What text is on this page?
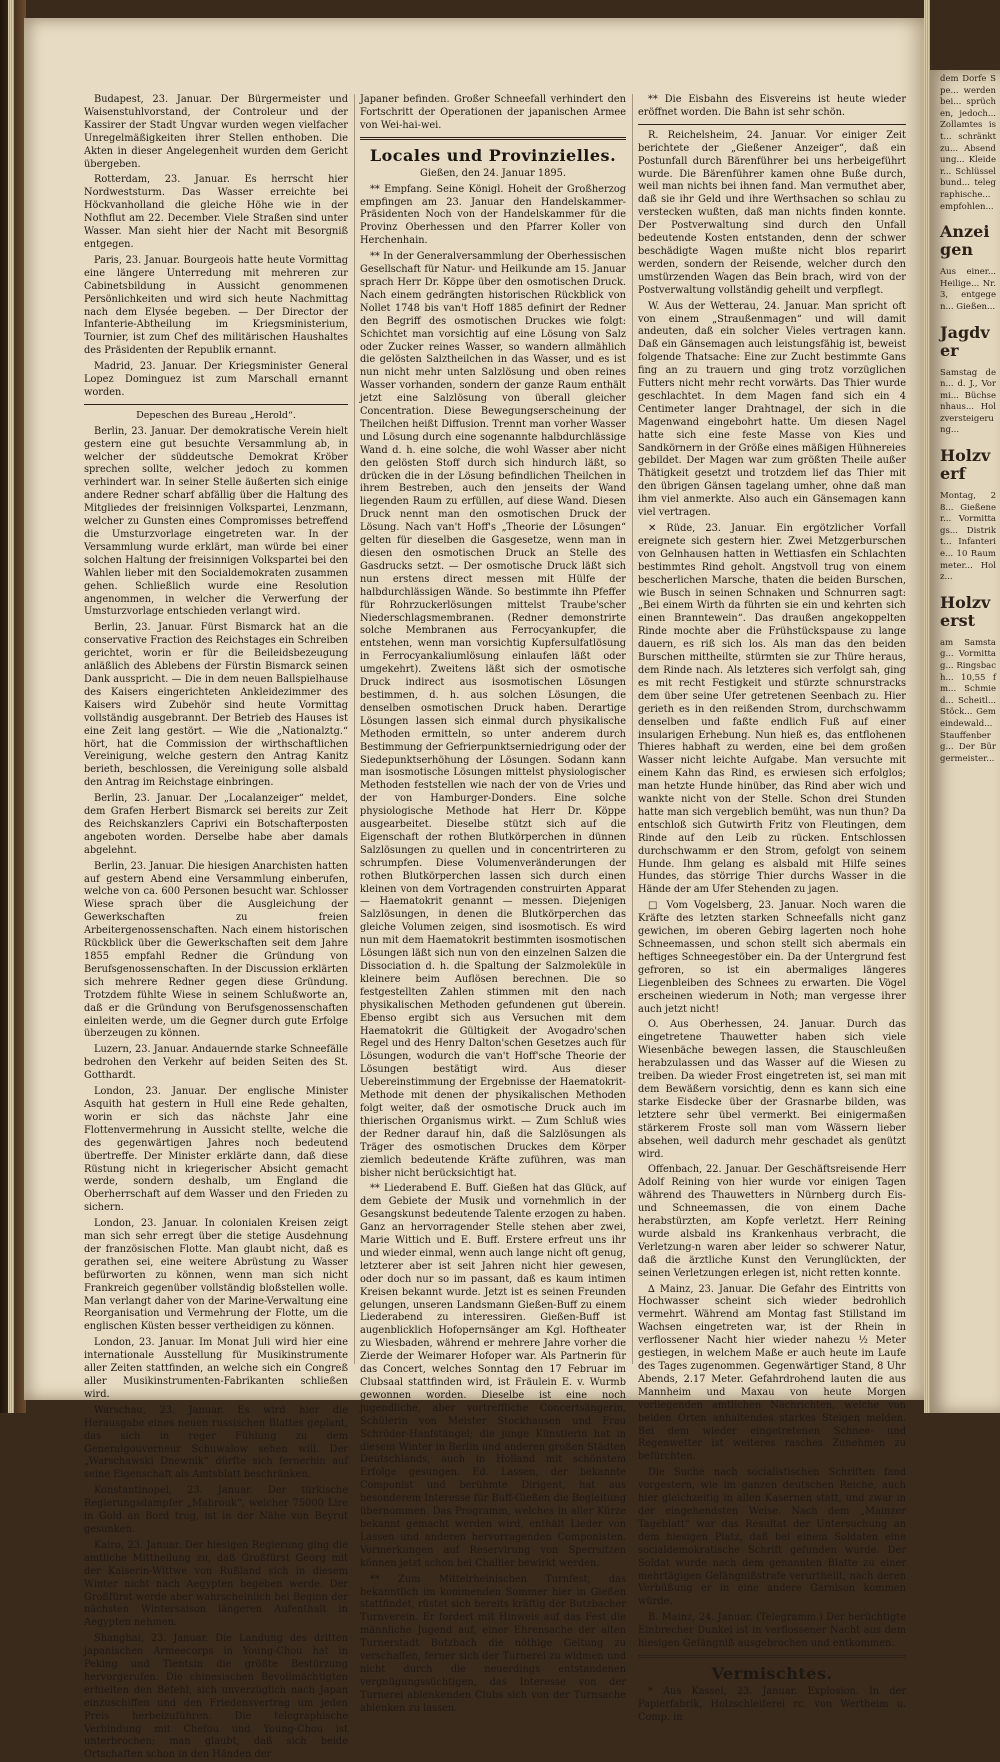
Budapest, 23. Januar. Der Bürgermeister und Waisenstuhlvorstand, der Controleur und der Kassirer der Stadt Ungvar wurden wegen vielfacher Unregelmäßigkeiten ihrer Stellen enthoben. Die Akten in dieser Angelegenheit wurden dem Gericht übergeben.

Rotterdam, 23. Januar. Es herrscht hier Nordweststurm. Das Wasser erreichte bei Höckvanholland die gleiche Höhe wie in der Nothflut am 22. December. Viele Straßen sind unter Wasser. Man sieht hier der Nacht mit Besorgniß entgegen.

Paris, 23. Januar. Bourgeois hatte heute Vormittag eine längere Unterredung mit mehreren zur Cabinetsbildung in Aussicht genommenen Persönlichkeiten und wird sich heute Nachmittag nach dem Elysée begeben. — Der Director der Infanterie-Abtheilung im Kriegsministerium, Tournier, ist zum Chef des militärischen Haushaltes des Präsidenten der Republik ernannt.

Madrid, 23. Januar. Der Kriegsminister General Lopez Dominguez ist zum Marschall ernannt worden.

Depeschen des Bureau „Herold“.

Berlin, 23. Januar. Der demokratische Verein hielt gestern eine gut besuchte Versammlung ab, in welcher der süddeutsche Demokrat Kröber sprechen sollte, welcher jedoch zu kommen verhindert war. In seiner Stelle äußerten sich einige andere Redner scharf abfällig über die Haltung des Mitgliedes der freisinnigen Volkspartei, Lenzmann, welcher zu Gunsten eines Compromisses betreffend die Umsturzvorlage eingetreten war. In der Versammlung wurde erklärt, man würde bei einer solchen Haltung der freisinnigen Volkspartei bei den Wahlen lieber mit den Socialdemokraten zusammen gehen. Schließlich wurde eine Resolution angenommen, in welcher die Verwerfung der Umsturzvorlage entschieden verlangt wird.

Berlin, 23. Januar. Fürst Bismarck hat an die conservative Fraction des Reichstages ein Schreiben gerichtet, worin er für die Beileidsbezeugung anläßlich des Ablebens der Fürstin Bismarck seinen Dank ausspricht. — Die in dem neuen Ballspielhause des Kaisers eingerichteten Ankleidezimmer des Kaisers wird Zubehör sind heute Vormittag vollständig ausgebrannt. Der Betrieb des Hauses ist eine Zeit lang gestört. — Wie die „Nationalztg.“ hört, hat die Commission der wirthschaftlichen Vereinigung, welche gestern den Antrag Kanitz berieth, beschlossen, die Vereinigung solle alsbald den Antrag im Reichstage einbringen.

Berlin, 23. Januar. Der „Localanzeiger“ meldet, dem Grafen Herbert Bismarck sei bereits zur Zeit des Reichskanzlers Caprivi ein Botschafterposten angeboten worden. Derselbe habe aber damals abgelehnt.

Berlin, 23. Januar. Die hiesigen Anarchisten hatten auf gestern Abend eine Versammlung einberufen, welche von ca. 600 Personen besucht war. Schlosser Wiese sprach über die Ausgleichung der Gewerkschaften zu freien Arbeitergenossenschaften. Nach einem historischen Rückblick über die Gewerkschaften seit dem Jahre 1855 empfahl Redner die Gründung von Berufsgenossenschaften. In der Discussion erklärten sich mehrere Redner gegen diese Gründung. Trotzdem fühlte Wiese in seinem Schlußworte an, daß er die Gründung von Berufsgenossenschaften einleiten werde, um die Gegner durch gute Erfolge überzeugen zu können.

Luzern, 23. Januar. Andauernde starke Schneefälle bedrohen den Verkehr auf beiden Seiten des St. Gotthardt.

London, 23. Januar. Der englische Minister Asquith hat gestern in Hull eine Rede gehalten, worin er sich das nächste Jahr eine Flottenvermehrung in Aussicht stellte, welche die des gegenwärtigen Jahres noch bedeutend übertreffe. Der Minister erklärte dann, daß diese Rüstung nicht in kriegerischer Absicht gemacht werde, sondern deshalb, um England die Oberherrschaft auf dem Wasser und den Frieden zu sichern.

London, 23. Januar. In colonialen Kreisen zeigt man sich sehr erregt über die stetige Ausdehnung der französischen Flotte. Man glaubt nicht, daß es gerathen sei, eine weitere Abrüstung zu Wasser befürworten zu können, wenn man sich nicht Frankreich gegenüber vollständig bloßstellen wolle. Man verlangt daher von der Marine-Verwaltung eine Reorganisation und Vermehrung der Flotte, um die englischen Küsten besser vertheidigen zu können.

London, 23. Januar. Im Monat Juli wird hier eine internationale Ausstellung für Musikinstrumente aller Zeiten stattfinden, an welche sich ein Congreß aller Musikinstrumenten-Fabrikanten schließen wird.

Warschau, 23. Januar. Es wird hier die Herausgabe eines neuen russischen Blattes geplant, das sich in reger Fühlung zu dem Generalgouverneur Schuwalow sehen will. Der „Warschawski Dnewnik“ dürfte sich fernerhin auf seine Eigenschaft als Amtsblatt beschränken.

Konstantinopel, 23. Januar. Der türkische Regierungsdampfer „Mabrouk“, welcher 75000 Lire in Gold an Bord trug, ist in der Nähe von Beyrut gesunken.

Kairo, 23. Januar. Der hiesigen Regierung ging die amtliche Mittheilung zu, daß Großfürst Georg mit der Kaiserin-Wittwe von Rußland sich in diesem Winter nicht nach Aegypten begeben werde. Der Großfürst werde aber wahrscheinlich bei Beginn der nächsten Wintersaison längeren Aufenthalt in Aegypten nehmen.

Shanghai, 23. Januar. Die Landung des dritten japanischen Armeecorps in Young-Chou hat in Peking und Tientsin die größte Bestürzung hervorgerufen. Die chinesischen Bevollmächtigten erhielten den Befehl, sich unverzüglich nach Japan einzuschiffen und den Friedensvertrag um jeden Preis herbeizuführen. Die telegraphische Verbindung mit Chefou und Young-Chou ist unterbrochen; man glaubt, daß sich beide Ortschaften schon in den Händen der

Japaner befinden. Großer Schneefall verhindert den Fortschritt der Operationen der japanischen Armee von Wei-hai-wei.

Locales und Provinzielles.

Gießen, den 24. Januar 1895.

** Empfang. Seine Königl. Hoheit der Großherzog empfingen am 23. Januar den Handelskammer-Präsidenten Noch von der Handelskammer für die Provinz Oberhessen und den Pfarrer Koller von Herchenhain.

** In der Generalversammlung der Oberhessischen Gesellschaft für Natur- und Heilkunde am 15. Januar sprach Herr Dr. Köppe über den osmotischen Druck. Nach einem gedrängten historischen Rückblick von Nollet 1748 bis van't Hoff 1885 definirt der Redner den Begriff des osmotischen Druckes wie folgt: Schichtet man vorsichtig auf eine Lösung von Salz oder Zucker reines Wasser, so wandern allmählich die gelösten Salztheilchen in das Wasser, und es ist nun nicht mehr unten Salzlösung und oben reines Wasser vorhanden, sondern der ganze Raum enthält jetzt eine Salzlösung von überall gleicher Concentration. Diese Bewegungserscheinung der Theilchen heißt Diffusion. Trennt man vorher Wasser und Lösung durch eine sogenannte halbdurchlässige Wand d. h. eine solche, die wohl Wasser aber nicht den gelösten Stoff durch sich hindurch läßt, so drücken die in der Lösung befindlichen Theilchen in ihrem Bestreben, auch den jenseits der Wand liegenden Raum zu erfüllen, auf diese Wand. Diesen Druck nennt man den osmotischen Druck der Lösung. Nach van't Hoff's „Theorie der Lösungen“ gelten für dieselben die Gasgesetze, wenn man in diesen den osmotischen Druck an Stelle des Gasdrucks setzt. — Der osmotische Druck läßt sich nun erstens direct messen mit Hülfe der halbdurchlässigen Wände. So bestimmte ihn Pfeffer für Rohrzuckerlösungen mittelst Traube'scher Niederschlagsmembranen. (Redner demonstrirte solche Membranen aus Ferrocyankupfer, die entstehen, wenn man vorsichtig Kupfersulfatlösung in Ferrocyankaliumlösung einlaufen läßt oder umgekehrt). Zweitens läßt sich der osmotische Druck indirect aus isosmotischen Lösungen bestimmen, d. h. aus solchen Lösungen, die denselben osmotischen Druck haben. Derartige Lösungen lassen sich einmal durch physikalische Methoden ermitteln, so unter anderem durch Bestimmung der Gefrierpunktserniedrigung oder der Siedepunktserhöhung der Lösungen. Sodann kann man isosmotische Lösungen mittelst physiologischer Methoden feststellen wie nach der von de Vries und der von Hamburger-Donders. Eine solche physiologische Methode hat Herr Dr. Köppe ausgearbeitet. Dieselbe stützt sich auf die Eigenschaft der rothen Blutkörperchen in dünnen Salzlösungen zu quellen und in concentrirteren zu schrumpfen. Diese Volumenveränderungen der rothen Blutkörperchen lassen sich durch einen kleinen von dem Vortragenden construirten Apparat — Haematokrit genannt — messen. Diejenigen Salzlösungen, in denen die Blutkörperchen das gleiche Volumen zeigen, sind isosmotisch. Es wird nun mit dem Haematokrit bestimmten isosmotischen Lösungen läßt sich nun von den einzelnen Salzen die Dissociation d. h. die Spaltung der Salzmoleküle in kleinere beim Auflösen berechnen. Die so festgestellten Zahlen stimmen mit den nach physikalischen Methoden gefundenen gut überein. Ebenso ergibt sich aus Versuchen mit dem Haematokrit die Gültigkeit der Avogadro'schen Regel und des Henry Dalton'schen Gesetzes auch für Lösungen, wodurch die van't Hoff'sche Theorie der Lösungen bestätigt wird. Aus dieser Uebereinstimmung der Ergebnisse der Haematokrit-Methode mit denen der physikalischen Methoden folgt weiter, daß der osmotische Druck auch im thierischen Organismus wirkt. — Zum Schluß wies der Redner darauf hin, daß die Salzlösungen als Träger des osmotischen Druckes dem Körper ziemlich bedeutende Kräfte zuführen, was man bisher nicht berücksichtigt hat.

** Liederabend E. Buff. Gießen hat das Glück, auf dem Gebiete der Musik und vornehmlich in der Gesangskunst bedeutende Talente erzogen zu haben. Ganz an hervorragender Stelle stehen aber zwei, Marie Wittich und E. Buff. Erstere erfreut uns ihr und wieder einmal, wenn auch lange nicht oft genug, letzterer aber ist seit Jahren nicht hier gewesen, oder doch nur so im passant, daß es kaum intimen Kreisen bekannt wurde. Jetzt ist es seinen Freunden gelungen, unseren Landsmann Gießen-Buff zu einem Liederabend zu interessiren. Gießen-Buff ist augenblicklich Hofopernsänger am Kgl. Hoftheater zu Wiesbaden, während er mehrere Jahre vorher die Zierde der Weimarer Hofoper war. Als Partnerin für das Concert, welches Sonntag den 17 Februar im Clubsaal stattfinden wird, ist Fräulein E. v. Wurmb gewonnen worden. Dieselbe ist eine noch jugendliche, aber vortreffliche Concertsängerin, Schülerin von Meister Stockhausen und Frau Schröder-Hanfstängel; die junge Künstlerin hat in diesem Winter in Berlin und anderen großen Städten Deutschlands, auch in Holland mit schönstem Erfolge gesungen. Ed. Lassen, der bekannte Componist und berühmte Dirigent, hat aus besonderem Interesse für Buff-Gießen die Begleitung übernommen. Das Programm, welches in aller Kürze bekannt gemacht werden wird, enthält Lieder von Lassen und anderen hervorragenden Componisten. Vormerkungen auf Reservirung von Sperrsitzen können jetzt schon bei Challier bewirkt werden.

** Zum Mittelrheinischen Turnfest, das bekanntlich im kommenden Sommer hier in Gießen stattfindet, rüstet sich bereits kräftig der Butzbacher Turnverein. Er fordert mit Hinweis auf das Fest die männliche Jugend auf, einer Ehrensache der alten Turnerstadt Butzbach die nöthige Geltung zu verschaffen, ferner sich der Turnerei zu widmen und nicht durch die neuerdings entstandenen vergnügungssüchtigen, das Interesse von der Turnerei ablenkenden Clubs sich von der Turnsache ablenken zu lassen.

** Die Eisbahn des Eisvereins ist heute wieder eröffnet worden. Die Bahn ist sehr schön.

R. Reichelsheim, 24. Januar. Vor einiger Zeit berichtete der „Gießener Anzeiger“, daß ein Postunfall durch Bärenführer bei uns herbeigeführt wurde. Die Bärenführer kamen ohne Buße durch, weil man nichts bei ihnen fand. Man vermuthet aber, daß sie ihr Geld und ihre Werthsachen so schlau zu verstecken wußten, daß man nichts finden konnte. Der Postverwaltung sind durch den Unfall bedeutende Kosten entstanden, denn der schwer beschädigte Wagen mußte nicht blos reparirt werden, sondern der Reisende, welcher durch den umstürzenden Wagen das Bein brach, wird von der Postverwaltung vollständig geheilt und verpflegt.

W. Aus der Wetterau, 24. Januar. Man spricht oft von einem „Straußenmagen“ und will damit andeuten, daß ein solcher Vieles vertragen kann. Daß ein Gänsemagen auch leistungsfähig ist, beweist folgende Thatsache: Eine zur Zucht bestimmte Gans fing an zu trauern und ging trotz vorzüglichen Futters nicht mehr recht vorwärts. Das Thier wurde geschlachtet. In dem Magen fand sich ein 4 Centimeter langer Drahtnagel, der sich in die Magenwand eingebohrt hatte. Um diesen Nagel hatte sich eine feste Masse von Kies und Sandkörnern in der Größe eines mäßigen Hühnereies gebildet. Der Magen war zum größten Theile außer Thätigkeit gesetzt und trotzdem lief das Thier mit den übrigen Gänsen tagelang umher, ohne daß man ihm viel anmerkte. Also auch ein Gänsemagen kann viel vertragen.

✕ Rüde, 23. Januar. Ein ergötzlicher Vorfall ereignete sich gestern hier. Zwei Metzgerburschen von Gelnhausen hatten in Wettiasfen ein Schlachten bestimmtes Rind geholt. Angstvoll trug von einem bescherlichen Marsche, thaten die beiden Burschen, wie Busch in seinen Schnaken und Schnurren sagt: „Bei einem Wirth da führten sie ein und kehrten sich einen Branntewein“. Das draußen angekoppelten Rinde mochte aber die Frühstückspause zu lange dauern, es riß sich los. Als man das den beiden Burschen mittheilte, stürmten sie zur Thüre heraus, dem Rinde nach. Als letzteres sich verfolgt sah, ging es mit recht Festigkeit und stürzte schnurstracks dem über seine Ufer getretenen Seenbach zu. Hier gerieth es in den reißenden Strom, durchschwamm denselben und faßte endlich Fuß auf einer insularigen Erhebung. Nun hieß es, das entflohenen Thieres habhaft zu werden, eine bei dem großen Wasser nicht leichte Aufgabe. Man versuchte mit einem Kahn das Rind, es erwiesen sich erfolglos; man hetzte Hunde hinüber, das Rind aber wich und wankte nicht von der Stelle. Schon drei Stunden hatte man sich vergeblich bemüht, was nun thun? Da entschloß sich Gutwirth Fritz von Fleutingen, dem Rinde auf den Leib zu rücken. Entschlossen durchschwamm er den Strom, gefolgt von seinem Hunde. Ihm gelang es alsbald mit Hilfe seines Hundes, das störrige Thier durchs Wasser in die Hände der am Ufer Stehenden zu jagen.

□ Vom Vogelsberg, 23. Januar. Noch waren die Kräfte des letzten starken Schneefalls nicht ganz gewichen, im oberen Gebirg lagerten noch hohe Schneemassen, und schon stellt sich abermals ein heftiges Schneegestöber ein. Da der Untergrund fest gefroren, so ist ein abermaliges längeres Liegenbleiben des Schnees zu erwarten. Die Vögel erscheinen wiederum in Noth; man vergesse ihrer auch jetzt nicht!

O. Aus Oberhessen, 24. Januar. Durch das eingetretene Thauwetter haben sich viele Wiesenbäche bewegen lassen, die Stauschleußen herabzulassen und das Wasser auf die Wiesen zu treiben. Da wieder Frost eingetreten ist, sei man mit dem Bewäßern vorsichtig, denn es kann sich eine starke Eisdecke über der Grasnarbe bilden, was letztere sehr übel vermerkt. Bei einigermaßen stärkerem Froste soll man vom Wässern lieber absehen, weil dadurch mehr geschadet als genützt wird.

Offenbach, 22. Januar. Der Geschäftsreisende Herr Adolf Reining von hier wurde vor einigen Tagen während des Thauwetters in Nürnberg durch Eis- und Schneemassen, die von einem Dache herabstürzten, am Kopfe verletzt. Herr Reining wurde alsbald ins Krankenhaus verbracht, die Verletzung-n waren aber leider so schwerer Natur, daß die ärztliche Kunst den Verunglückten, der seinen Verletzungen erlegen ist, nicht retten konnte.

∆ Mainz, 23. Januar. Die Gefahr des Eintritts von Hochwasser scheint sich wieder bedrohlich vermehrt. Während am Montag fast Stillstand im Wachsen eingetreten war, ist der Rhein in verflossener Nacht hier wieder nahezu ½ Meter gestiegen, in welchem Maße er auch heute im Laufe des Tages zugenommen. Gegenwärtiger Stand, 8 Uhr Abends, 2.17 Meter. Gefahrdrohend lauten die aus Mannheim und Maxau von heute Morgen vorliegenden amtlichen Nachrichten, welche von beiden Orten anhaltendes starkes Steigen melden. Bei dem wieder eingetretenen Schnee- und Regenwetter ist weiteres rasches Zunehmen zu befürchten.

Die Suche nach socialistischen Schriften fand vorgestern, wie im ganzen deutschen Reiche, auch hier gleichzeitig in allen Kasernen statt, und zwar in der eingehendsten Weise. Nach dem „Mainzer Tageblatt“ war das Resultat der Untersuchung an dem hiesigen Platz, daß bei einem Soldaten eine socialdemokratische Schrift gefunden wurde. Der Soldat wurde nach dem genannten Blatte zu einer mehrtägigen Gefängnißstrafe verurtheilt, nach deren Verbüßung er in eine andere Garnison kommen würde.

B. Mainz, 24. Januar. (Telegramm.) Der berüchtigte Einbrecher Dunkel ist in verflossener Nacht aus dem hiesigen Gefängniß ausgebrochen und entkommen.

Vermischtes.

* Aus Kassel, 23. Januar. Explosion. In der Papierfabrik, Holzschleiferei rc. von Wertheim u. Comp. in

dem Dorfe Spe... werden bei... sprüchen, jedoch... Zollamtes ist... schränkt zu... Absendung... Kleider... Schlüsselbund... telegraphische... empfohlen...

Anzeigen

Aus einer... Heilige... Nr. 3, entgegen... Gießen...

Jagdver

Samstag den... d. J., Vormi... Büchsenhaus... Holzversteigerung...

Holzverf

Montag, 28... Gießener... Vormittags... Distrikt... Infanterie... 10 Raummeter... Holz...

Holzverst

am Samstag... Vormittag... Ringsbach... 10,55 fm... Schmied... Scheitl... Stöck... Gemeindewald... Stauffenberg... Der Bürgermeister...
